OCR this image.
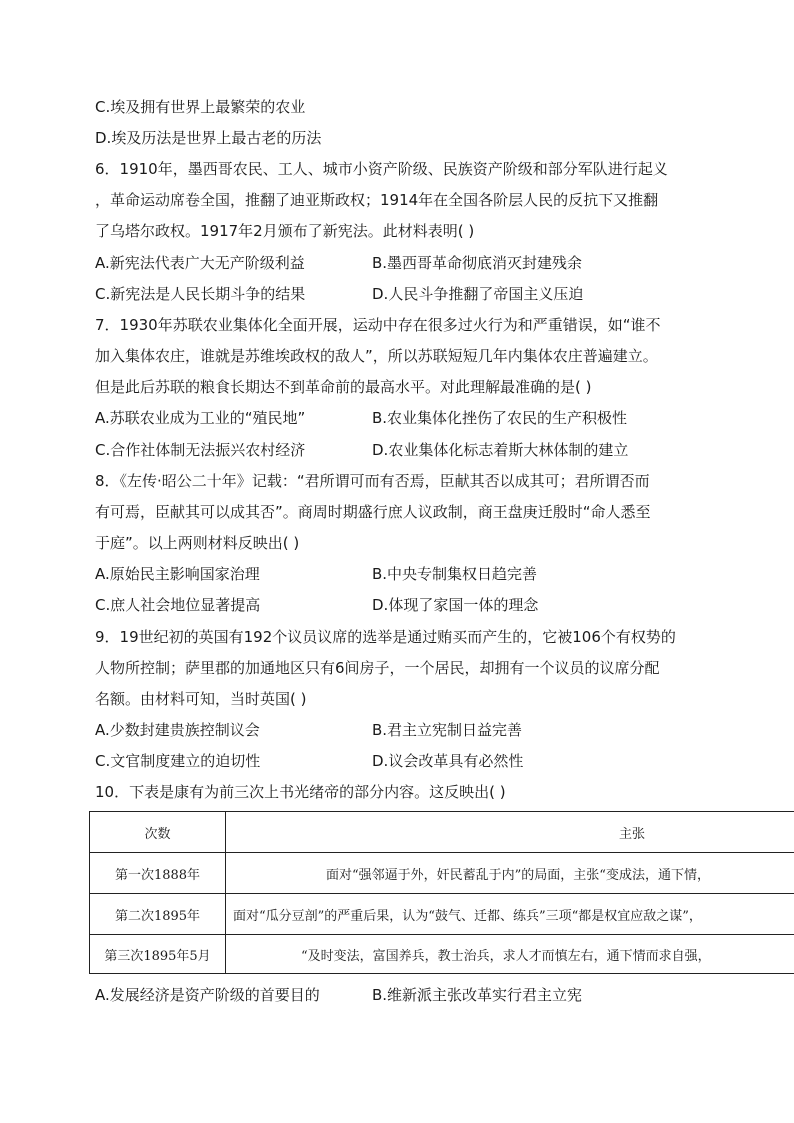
C.埃及拥有世界上最繁荣的农业
D.埃及历法是世界上最古老的历法
6．1910年，墨西哥农民、工人、城市小资产阶级、民族资产阶级和部分军队进行起义
，革命运动席卷全国，推翻了迪亚斯政权；1914年在全国各阶层人民的反抗下又推翻
了乌塔尔政权。1917年2月颁布了新宪法。此材料表明( )
A.新宪法代表广大无产阶级利益	B.墨西哥革命彻底消灭封建残余
C.新宪法是人民长期斗争的结果	D.人民斗争推翻了帝国主义压迫
7．1930年苏联农业集体化全面开展，运动中存在很多过火行为和严重错误，如“谁不
加入集体农庄，谁就是苏维埃政权的敌人”，所以苏联短短几年内集体农庄普遍建立。
但是此后苏联的粮食长期达不到革命前的最高水平。对此理解最准确的是( )
A.苏联农业成为工业的“殖民地”	B.农业集体化挫伤了农民的生产积极性
C.合作社体制无法振兴农村经济	D.农业集体化标志着斯大林体制的建立
8．《左传·昭公二十年》记载：“君所谓可而有否焉，臣献其否以成其可；君所谓否而
有可焉，臣献其可以成其否”。商周时期盛行庶人议政制，商王盘庚迁殷时“命人悉至
于庭”。以上两则材料反映出( )
A.原始民主影响国家治理	B.中央专制集权日趋完善
C.庶人社会地位显著提高	D.体现了家国一体的理念
9．19世纪初的英国有192个议员议席的选举是通过贿买而产生的，它被106个有权势的
人物所控制；萨里郡的加通地区只有6间房子，一个居民，却拥有一个议员的议席分配
名额。由材料可知，当时英国( )
A.少数封建贵族控制议会	B.君主立宪制日益完善
C.文官制度建立的迫切性	D.议会改革具有必然性
10．下表是康有为前三次上书光绪帝的部分内容。这反映出( )
次数	主张
第一次1888年	面对“强邻逼于外，奸民蓄乱于内”的局面，主张“变成法，通下情，
第二次1895年	面对“瓜分豆剖”的严重后果，认为“鼓气、迁都、练兵”三项“都是权宜应敌之谋”，
第三次1895年5月	“及时变法，富国养兵，教士治兵，求人才而慎左右，通下情而求自强，
A.发展经济是资产阶级的首要目的	B.维新派主张改革实行君主立宪
